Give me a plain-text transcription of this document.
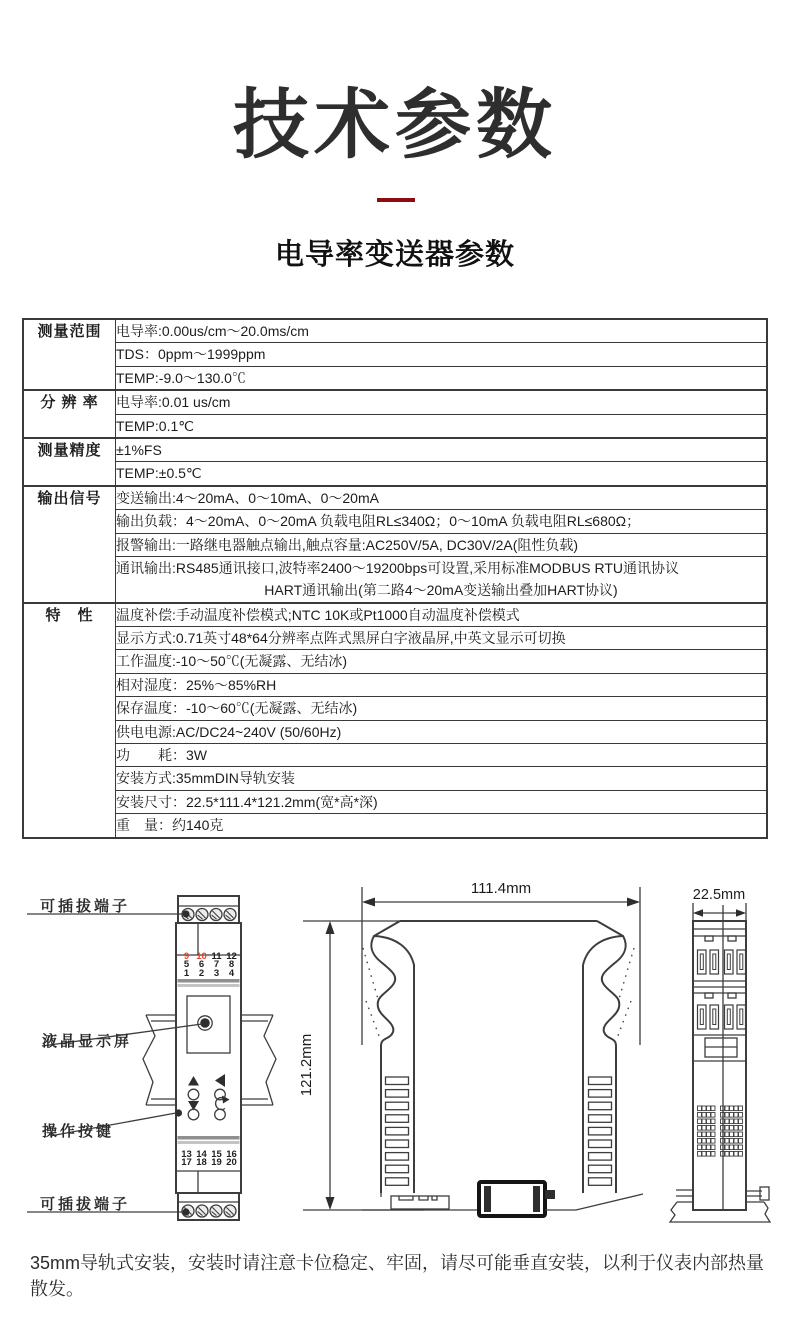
技术参数
电导率变送器参数
测量范围	电导率:0.00us/cm～20.0ms/cm

	TDS：0ppm～1999ppm

	TEMP:-9.0～130.0℃

分 辨 率	电导率:0.01 us/cm

	TEMP:0.1℃

测量精度	±1%FS

	TEMP:±0.5℃

输出信号	变送输出:4～20mA、0～10mA、0～20mA

	输出负载：4～20mA、0～20mA 负载电阻RL≤340Ω；0～10mA 负载电阻RL≤680Ω；

	报警输出:一路继电器触点输出,触点容量:AC250V/5A, DC30V/2A(阻性负载)

	通讯输出:RS485通讯接口,波特率2400～19200bps可设置,采用标准MODBUS RTU通讯协议
HART通讯输出(第二路4～20mA变送输出叠加HART协议)

特　性	温度补偿:手动温度补偿模式;NTC 10K或Pt1000自动温度补偿模式

	显示方式:0.71英寸48*64分辨率点阵式黑屏白字液晶屏,中英文显示可切换

	工作温度:-10～50℃(无凝露、无结冰)

	相对湿度：25%～85%RH

	保存温度：-10～60℃(无凝露、无结冰)

	供电电源:AC/DC24~240V (50/60Hz)

	功　　耗：3W

	安装方式:35mmDIN导轨安装

	安装尺寸：22.5*111.4*121.2mm(宽*高*深)

	重　量：约140克
111.4mm
121.2mm
22.5mm
可插拔端子
液晶显示屏
操作按键
可插拔端子
9 10 11 12
5	6	7	8
1	2	3	4
13 14 15 16
17 18 19 20

35mm导轨式安装，安装时请注意卡位稳定、牢固，请尽可能垂直安装，以利于仪表内部热量散发。
